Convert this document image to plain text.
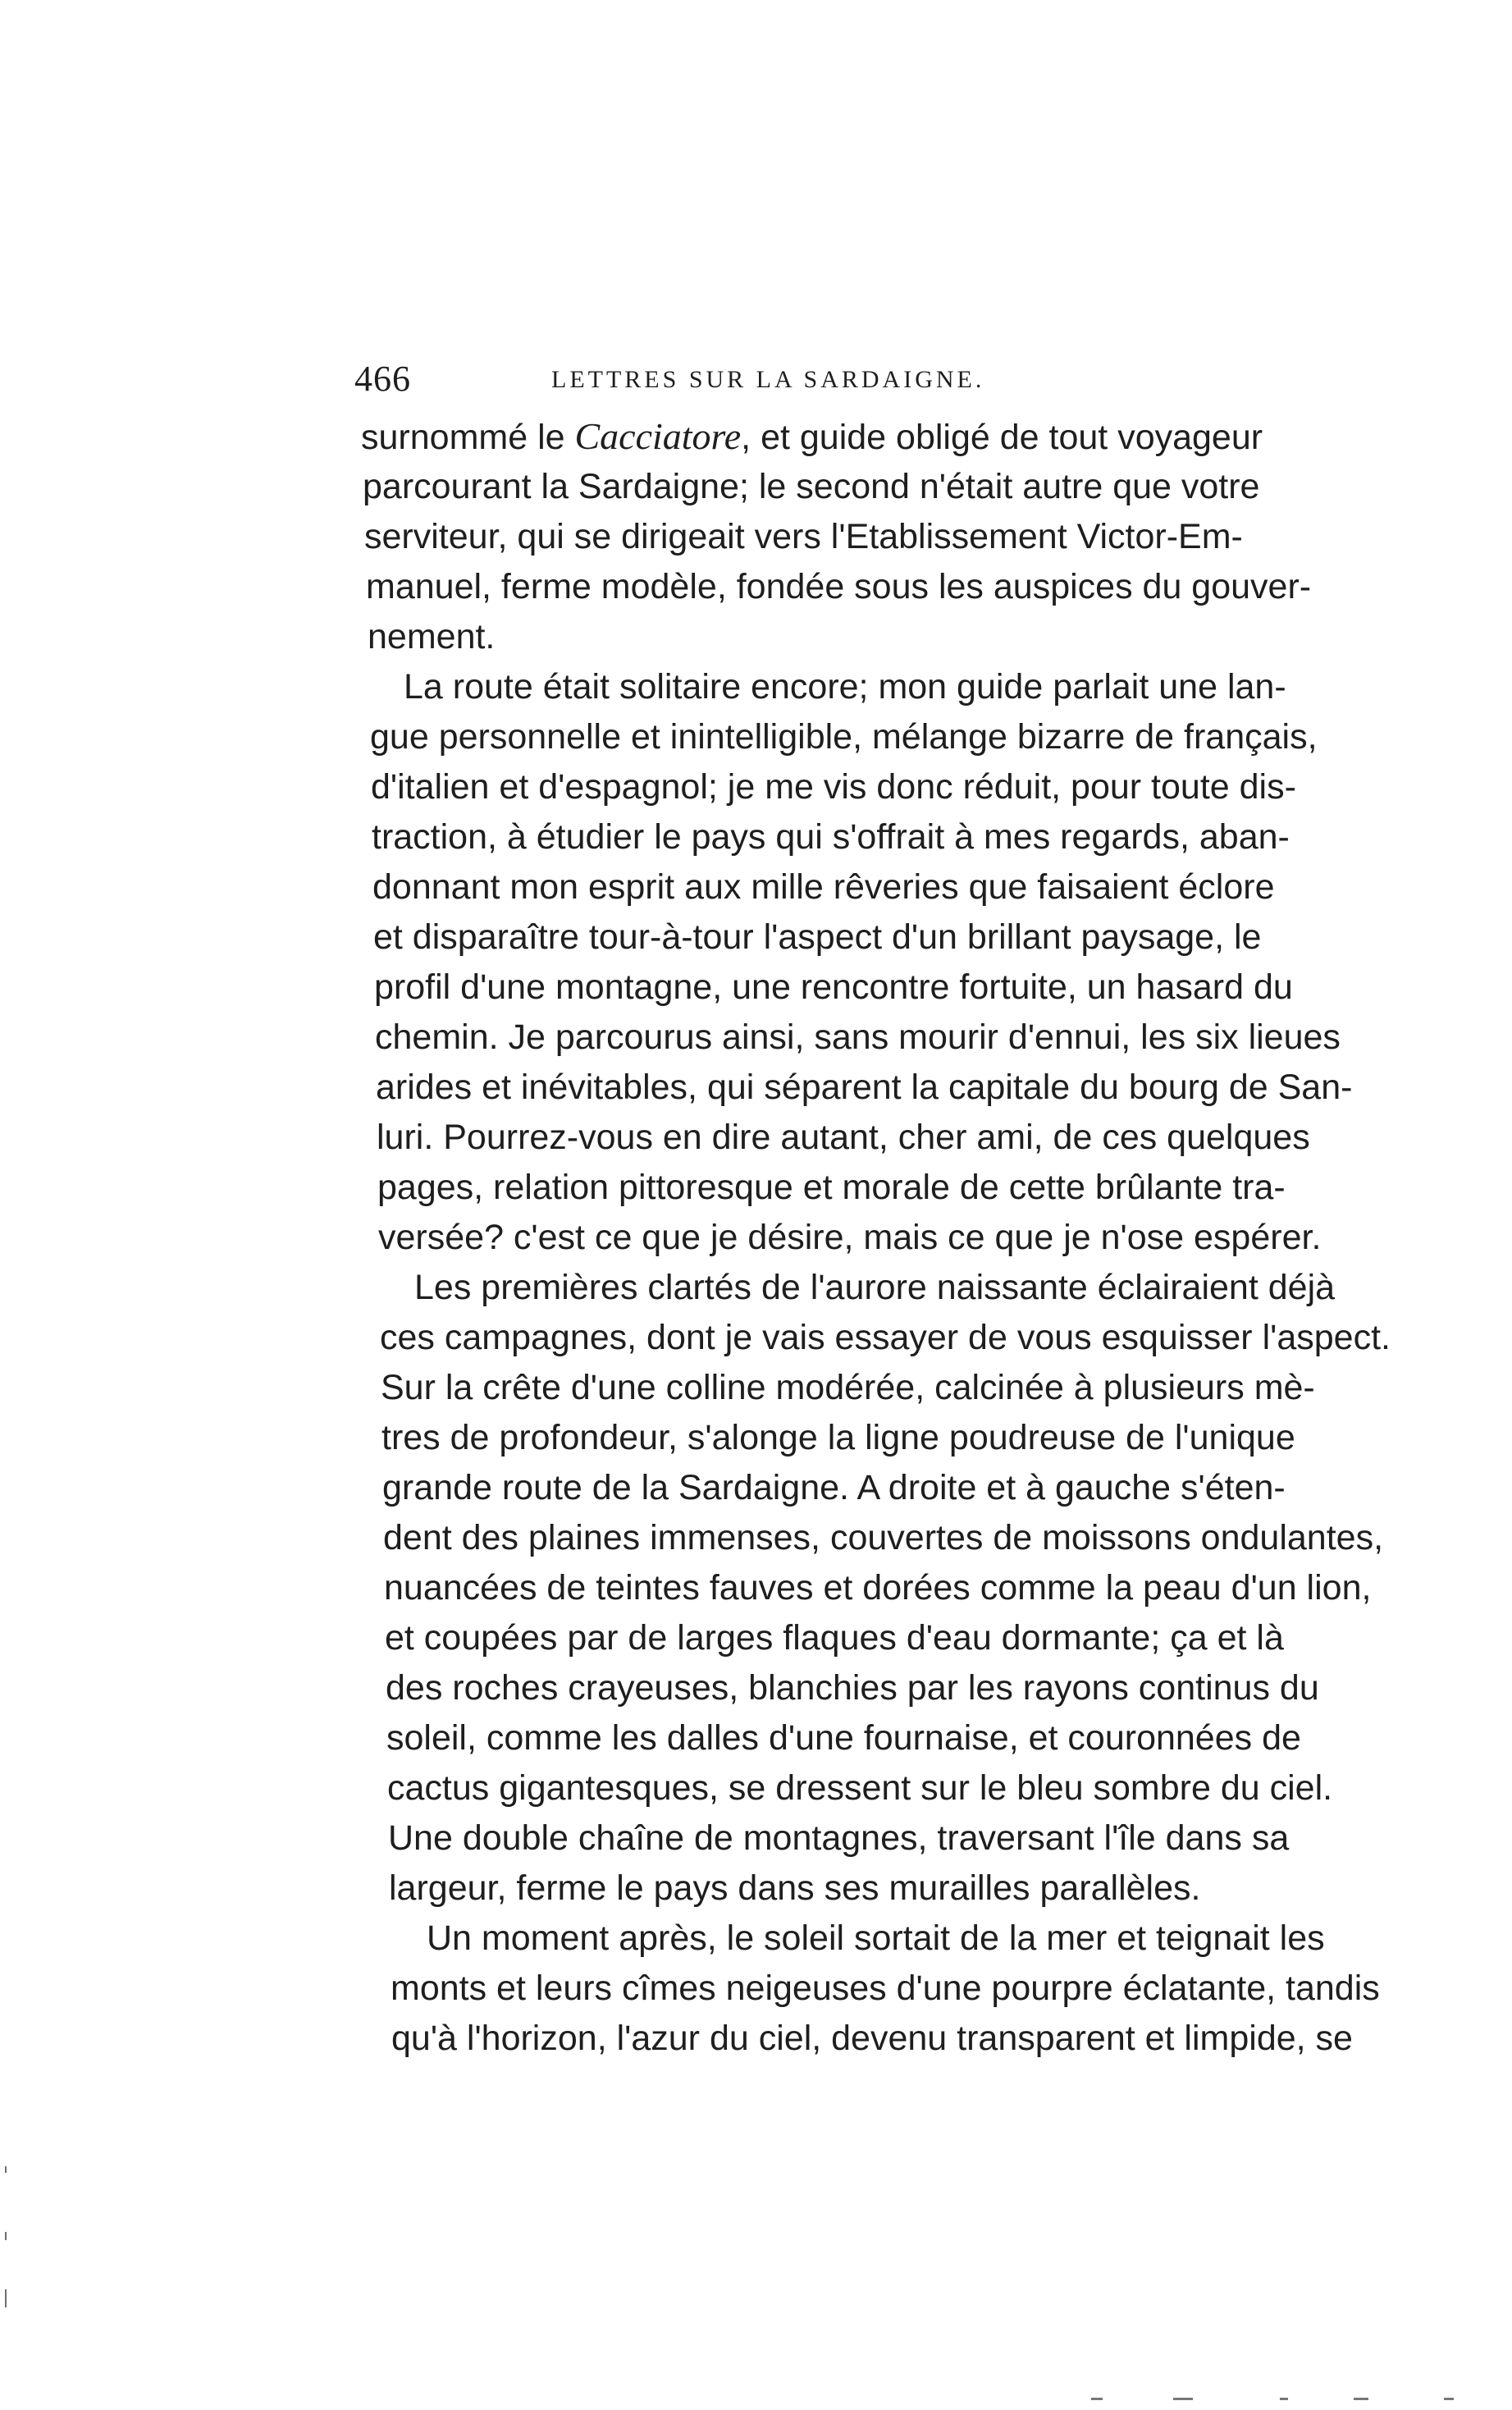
466	LETTRES SUR LA SARDAIGNE.
surnommé le Cacciatore, et guide obligé de tout voyageur
parcourant la Sardaigne; le second n'était autre que votre
serviteur, qui se dirigeait vers l'Etablissement Victor-Em-
manuel, ferme modèle, fondée sous les auspices du gouver-
nement.
La route était solitaire encore; mon guide parlait une lan-
gue personnelle et inintelligible, mélange bizarre de français,
d'italien et d'espagnol; je me vis donc réduit, pour toute dis-
traction, à étudier le pays qui s'offrait à mes regards, aban-
donnant mon esprit aux mille rêveries que faisaient éclore
et disparaître tour-à-tour l'aspect d'un brillant paysage, le
profil d'une montagne, une rencontre fortuite, un hasard du
chemin. Je parcourus ainsi, sans mourir d'ennui, les six lieues
arides et inévitables, qui séparent la capitale du bourg de San-
luri. Pourrez-vous en dire autant, cher ami, de ces quelques
pages, relation pittoresque et morale de cette brûlante tra-
versée? c'est ce que je désire, mais ce que je n'ose espérer.
Les premières clartés de l'aurore naissante éclairaient déjà
ces campagnes, dont je vais essayer de vous esquisser l'aspect.
Sur la crête d'une colline modérée, calcinée à plusieurs mè-
tres de profondeur, s'alonge la ligne poudreuse de l'unique
grande route de la Sardaigne. A droite et à gauche s'éten-
dent des plaines immenses, couvertes de moissons ondulantes,
nuancées de teintes fauves et dorées comme la peau d'un lion,
et coupées par de larges flaques d'eau dormante; ça et là
des roches crayeuses, blanchies par les rayons continus du
soleil, comme les dalles d'une fournaise, et couronnées de
cactus gigantesques, se dressent sur le bleu sombre du ciel.
Une double chaîne de montagnes, traversant l'île dans sa
largeur, ferme le pays dans ses murailles parallèles.
Un moment après, le soleil sortait de la mer et teignait les
monts et leurs cîmes neigeuses d'une pourpre éclatante, tandis
qu'à l'horizon, l'azur du ciel, devenu transparent et limpide, se
